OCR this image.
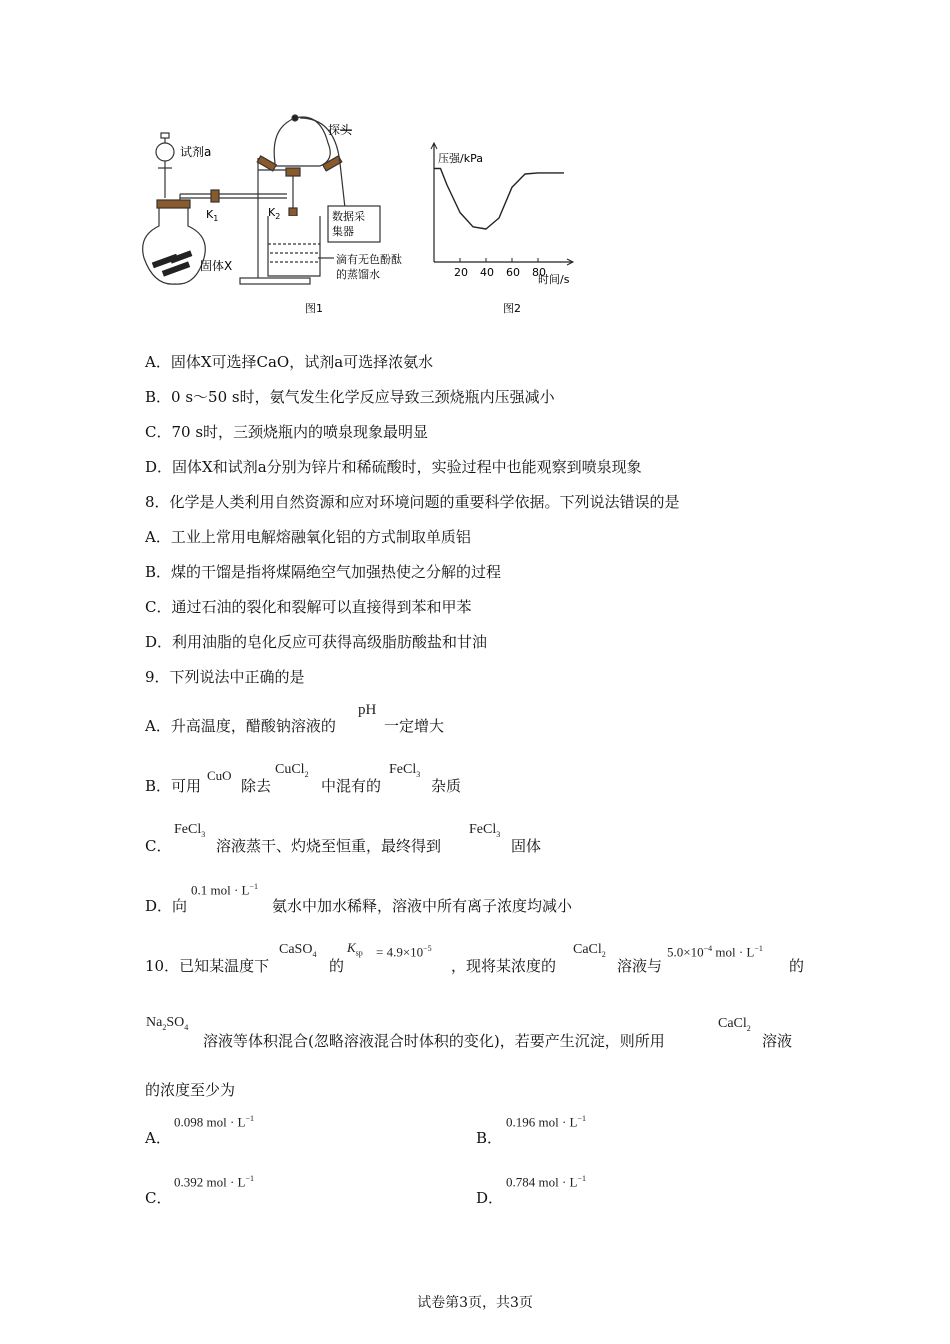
试剂a
固体X
探头
$K_1$	$K_2$	数据采
集器
滴有无色酚酞
的蒸馏水
图1
20 40 60 80
压强/kPa
时间/s
图2
A．固体X可选择CaO，试剂a可选择浓氨水
B．0 s～50 s时，氨气发生化学反应导致三颈烧瓶内压强减小
C．70 s时，三颈烧瓶内的喷泉现象最明显
D．固体X和试剂a分别为锌片和稀硫酸时，实验过程中也能观察到喷泉现象
8．化学是人类利用自然资源和应对环境问题的重要科学依据。下列说法错误的是
A．工业上常用电解熔融氧化铝的方式制取单质铝
B．煤的干馏是指将煤隔绝空气加强热使之分解的过程
C．通过石油的裂化和裂解可以直接得到苯和甲苯
D．利用油脂的皂化反应可获得高级脂肪酸盐和甘油
9．下列说法中正确的是
A．升高温度，醋酸钠溶液的
pH
一定增大
B．可用
CuO
除去
CuCl$_2$
中混有的
FeCl$_3$
杂质
C．
FeCl$_3$
溶液蒸干、灼烧至恒重，最终得到
FeCl$_3$
固体
D．向
0.1 mol · $L^{-1}$
氨水中加水稀释，溶液中所有离子浓度均减小
10．已知某温度下
CaSO$_4$
的
$K_{sp} = 4.9\times 10^{-5}$
，现将某浓度的
CaCl$_2$
溶液与
$5.0\times 10^{-4}$ mol · $L^{-1}$
的
$Na_2SO_4$
溶液等体积混合(忽略溶液混合时体积的变化)，若要产生沉淀，则所用
CaCl$_2$
溶液
的浓度至少为
A．
0.098 mol · $L^{-1}$
B．
0.196 mol · $L^{-1}$
C．
0.392 mol · $L^{-1}$
D．
0.784 mol · $L^{-1}$
试卷第3页，共3页
